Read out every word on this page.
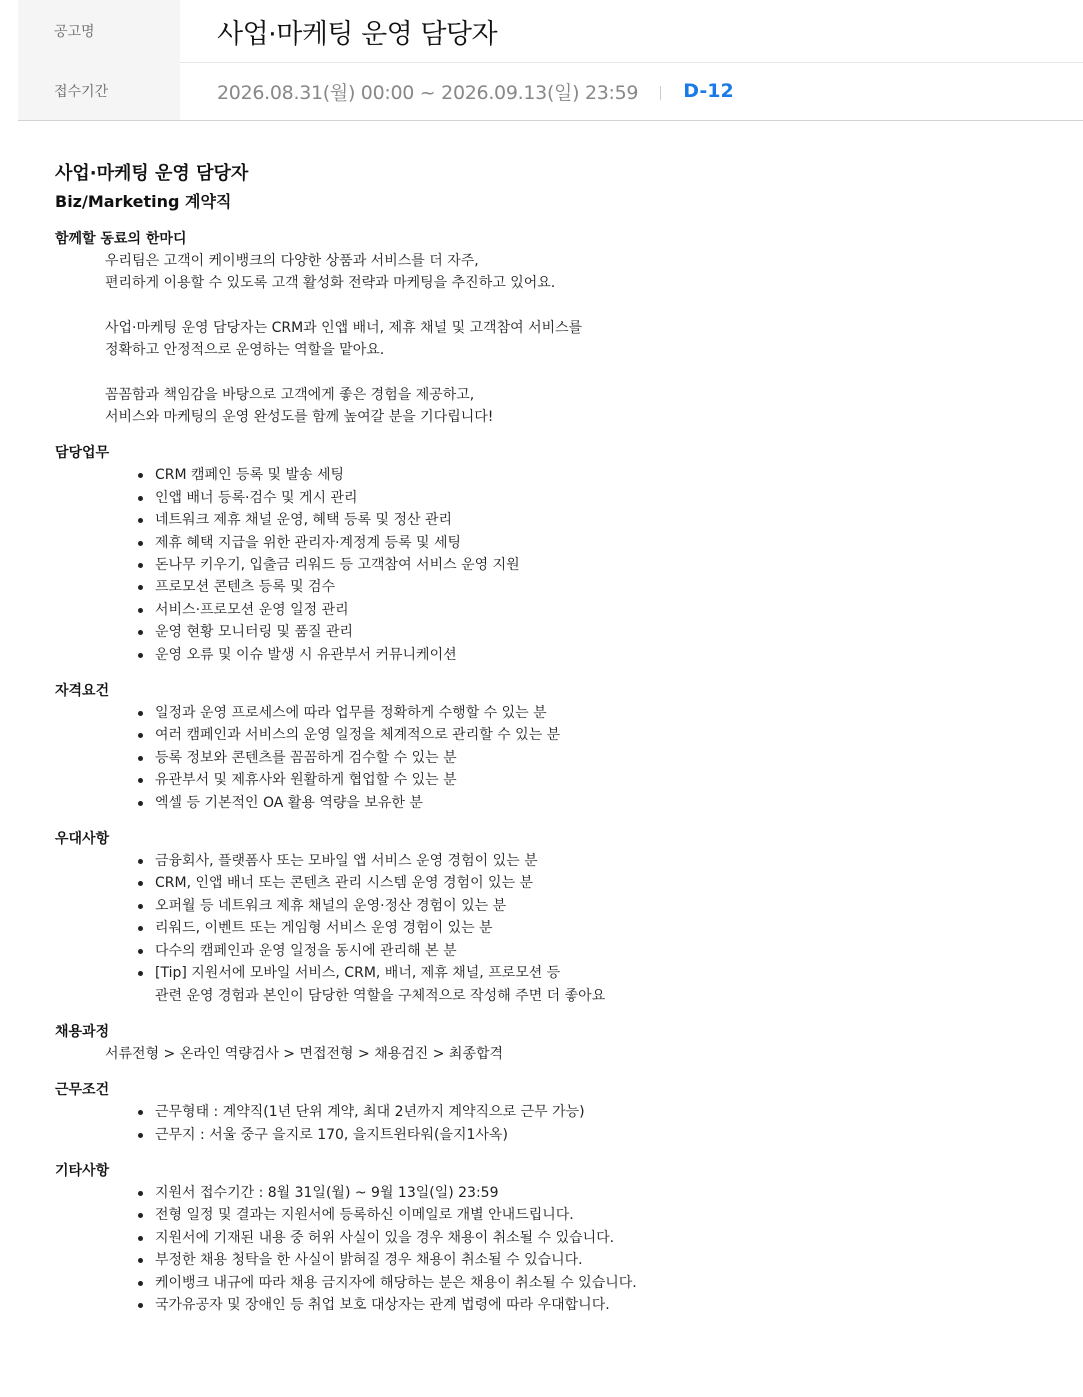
공고명	사업·마케팅 운영 담당자
접수기간	2026.08.31(월) 00:00 ~ 2026.09.13(일) 23:59 D-12
사업·마케팅 운영 담당자
Biz/Marketing 계약직
함께할 동료의 한마디
우리팀은 고객이 케이뱅크의 다양한 상품과 서비스를 더 자주,
편리하게 이용할 수 있도록 고객 활성화 전략과 마케팅을 추진하고 있어요.

사업·마케팅 운영 담당자는 CRM과 인앱 배너, 제휴 채널 및 고객참여 서비스를
정확하고 안정적으로 운영하는 역할을 맡아요.

꼼꼼함과 책임감을 바탕으로 고객에게 좋은 경험을 제공하고,
서비스와 마케팅의 운영 완성도를 함께 높여갈 분을 기다립니다!
담당업무
CRM 캠페인 등록 및 발송 세팅
인앱 배너 등록·검수 및 게시 관리
네트워크 제휴 채널 운영, 혜택 등록 및 정산 관리
제휴 혜택 지급을 위한 관리자·계정계 등록 및 세팅
돈나무 키우기, 입출금 리워드 등 고객참여 서비스 운영 지원
프로모션 콘텐츠 등록 및 검수
서비스·프로모션 운영 일정 관리
운영 현황 모니터링 및 품질 관리
운영 오류 및 이슈 발생 시 유관부서 커뮤니케이션
자격요건
일정과 운영 프로세스에 따라 업무를 정확하게 수행할 수 있는 분
여러 캠페인과 서비스의 운영 일정을 체계적으로 관리할 수 있는 분
등록 정보와 콘텐츠를 꼼꼼하게 검수할 수 있는 분
유관부서 및 제휴사와 원활하게 협업할 수 있는 분
엑셀 등 기본적인 OA 활용 역량을 보유한 분
우대사항
금융회사, 플랫폼사 또는 모바일 앱 서비스 운영 경험이 있는 분
CRM, 인앱 배너 또는 콘텐츠 관리 시스템 운영 경험이 있는 분
오퍼월 등 네트워크 제휴 채널의 운영·정산 경험이 있는 분
리워드, 이벤트 또는 게임형 서비스 운영 경험이 있는 분
다수의 캠페인과 운영 일정을 동시에 관리해 본 분
[Tip] 지원서에 모바일 서비스, CRM, 배너, 제휴 채널, 프로모션 등
관련 운영 경험과 본인이 담당한 역할을 구체적으로 작성해 주면 더 좋아요
채용과정
서류전형 > 온라인 역량검사 > 면접전형 > 채용검진 > 최종합격
근무조건
근무형태 : 계약직(1년 단위 계약, 최대 2년까지 계약직으로 근무 가능)
근무지 : 서울 중구 을지로 170, 을지트윈타워(을지1사옥)
기타사항
지원서 접수기간 : 8월 31일(월) ~ 9월 13일(일) 23:59
전형 일정 및 결과는 지원서에 등록하신 이메일로 개별 안내드립니다.
지원서에 기재된 내용 중 허위 사실이 있을 경우 채용이 취소될 수 있습니다.
부정한 채용 청탁을 한 사실이 밝혀질 경우 채용이 취소될 수 있습니다.
케이뱅크 내규에 따라 채용 금지자에 해당하는 분은 채용이 취소될 수 있습니다.
국가유공자 및 장애인 등 취업 보호 대상자는 관계 법령에 따라 우대합니다.
